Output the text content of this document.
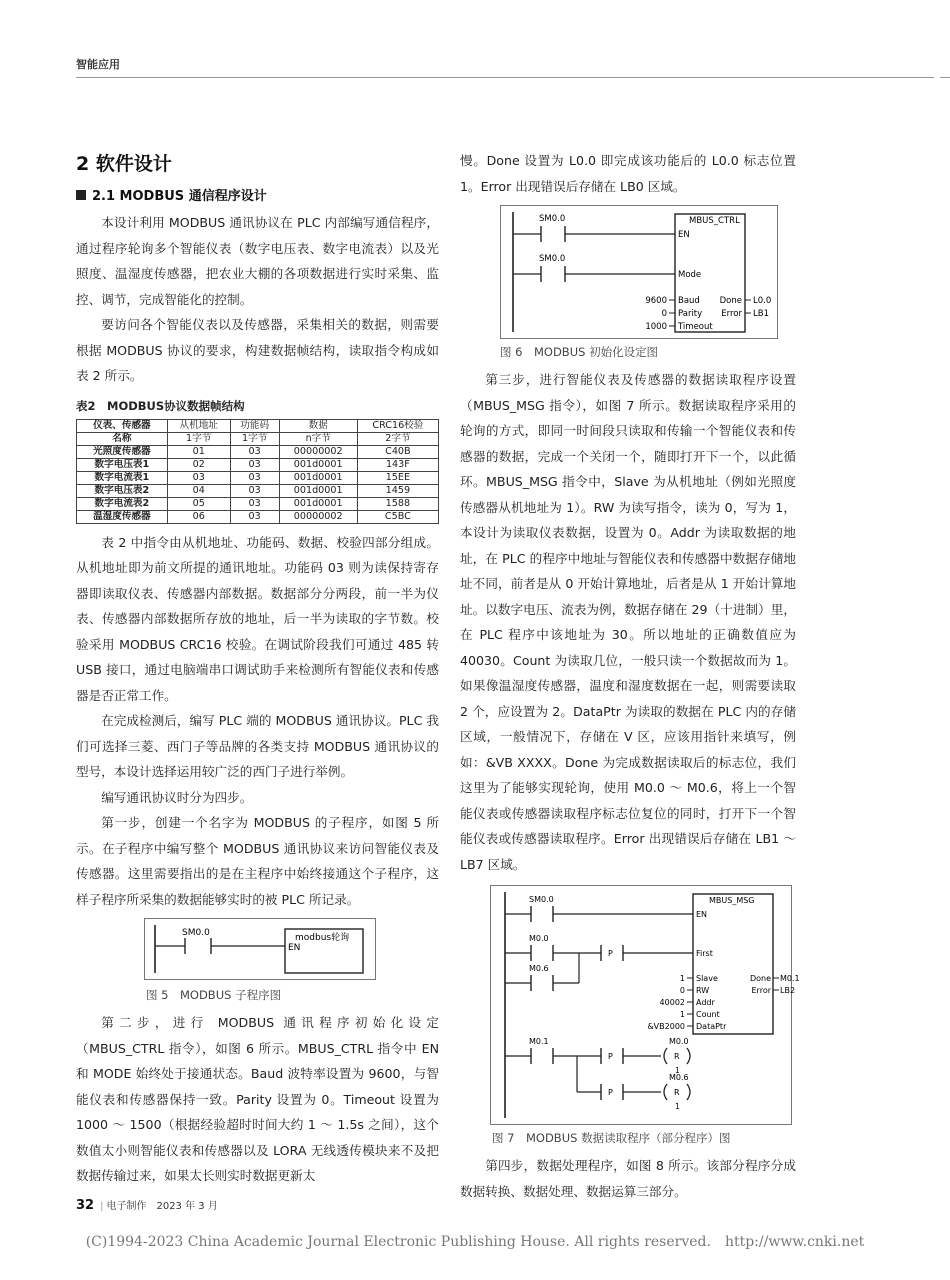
智能应用
2 软件设计
2.1 MODBUS 通信程序设计

本设计利用 MODBUS 通讯协议在 PLC 内部编写通信程序，通过程序轮询多个智能仪表（数字电压表、数字电流表）以及光照度、温湿度传感器，把农业大棚的各项数据进行实时采集、监控、调节，完成智能化的控制。

要访问各个智能仪表以及传感器，采集相关的数据，则需要根据 MODBUS 协议的要求，构建数据帧结构，读取指令构成如表 2 所示。

表2　MODBUS协议数据帧结构
仪表、传感器	从机地址	功能码	数据	CRC16校验
名称	1字节	1字节	n字节	2字节
光照度传感器	01	03	00000002	C40B
数字电压表1	02	03	001d0001	143F
数字电流表1	03	03	001d0001	15EE
数字电压表2	04	03	001d0001	1459
数字电流表2	05	03	001d0001	1588
温湿度传感器	06	03	00000002	C5BC

表 2 中指令由从机地址、功能码、数据、校验四部分组成。从机地址即为前文所提的通讯地址。功能码 03 则为读保持寄存器即读取仪表、传感器内部数据。数据部分分两段，前一半为仪表、传感器内部数据所存放的地址，后一半为读取的字节数。校验采用 MODBUS CRC16 校验。在调试阶段我们可通过 485 转 USB 接口，通过电脑端串口调试助手来检测所有智能仪表和传感器是否正常工作。

在完成检测后，编写 PLC 端的 MODBUS 通讯协议。PLC 我们可选择三菱、西门子等品牌的各类支持 MODBUS 通讯协议的型号，本设计选择运用较广泛的西门子进行举例。

编写通讯协议时分为四步。

第一步，创建一个名字为 MODBUS 的子程序，如图 5 所示。在子程序中编写整个 MODBUS 通讯协议来访问智能仪表及传感器。这里需要指出的是在主程序中始终接通这个子程序，这样子程序所采集的数据能够实时的被 PLC 所记录。

SM0.0	modbus轮询
EN
图 5　MODBUS 子程序图

第二步，进行 MODBUS 通讯程序初始化设定（MBUS_CTRL 指令），如图 6 所示。MBUS_CTRL 指令中 EN 和 MODE 始终处于接通状态。Baud 波特率设置为 9600，与智能仪表和传感器保持一致。Parity 设置为 0。Timeout 设置为 1000 ～ 1500（根据经验超时时间大约 1 ～ 1.5s 之间），这个数值太小则智能仪表和传感器以及 LORA 无线透传模块来不及把数据传输过来，如果太长则实时数据更新太

慢。Done 设置为 L0.0 即完成该功能后的 L0.0 标志位置 1。Error 出现错误后存储在 LB0 区域。

SM0.0
SM0.0
MBUS_CTRL
EN
Mode
Baud
Parity
Timeout
9600
0
1000
Done
Error
L0.0
LB1
图 6　MODBUS 初始化设定图

第三步，进行智能仪表及传感器的数据读取程序设置（MBUS_MSG 指令），如图 7 所示。数据读取程序采用的轮询的方式，即同一时间段只读取和传输一个智能仪表和传感器的数据，完成一个关闭一个，随即打开下一个，以此循环。MBUS_MSG 指令中，Slave 为从机地址（例如光照度传感器从机地址为 1）。RW 为读写指令，读为 0，写为 1，本设计为读取仪表数据，设置为 0。Addr 为读取数据的地址，在 PLC 的程序中地址与智能仪表和传感器中数据存储地址不同，前者是从 0 开始计算地址，后者是从 1 开始计算地址。以数字电压、流表为例，数据存储在 29（十进制）里，在 PLC 程序中该地址为 30。所以地址的正确数值应为 40030。Count 为读取几位，一般只读一个数据故而为 1。如果像温湿度传感器，温度和湿度数据在一起，则需要读取 2 个，应设置为 2。DataPtr 为读取的数据在 PLC 内的存储区域，一般情况下，存储在 V 区，应该用指针来填写，例如：&VB XXXX。Done 为完成数据读取后的标志位，我们这里为了能够实现轮询，使用 M0.0 ～ M0.6，将上一个智能仪表或传感器读取程序标志位复位的同时，打开下一个智能仪表或传感器读取程序。Error 出现错误后存储在 LB1 ～ LB7 区域。

SM0.0
M0.0
M0.6
M0.1
P
P
P
MBUS_MSG
EN
First
Slave
RW
Addr
Count
DataPtr
1
0
40002
1
&VB2000
Done
Error
M0.1
LB2
M0.0
R
1
M0.6
R
1
图 7　MODBUS 数据读取程序（部分程序）图

第四步，数据处理程序，如图 8 所示。该部分程序分成数据转换、数据处理、数据运算三部分。

32 | 电子制作　2023 年 3 月
(C)1994-2023 China Academic Journal Electronic Publishing House. All rights reserved. http://www.cnki.net
